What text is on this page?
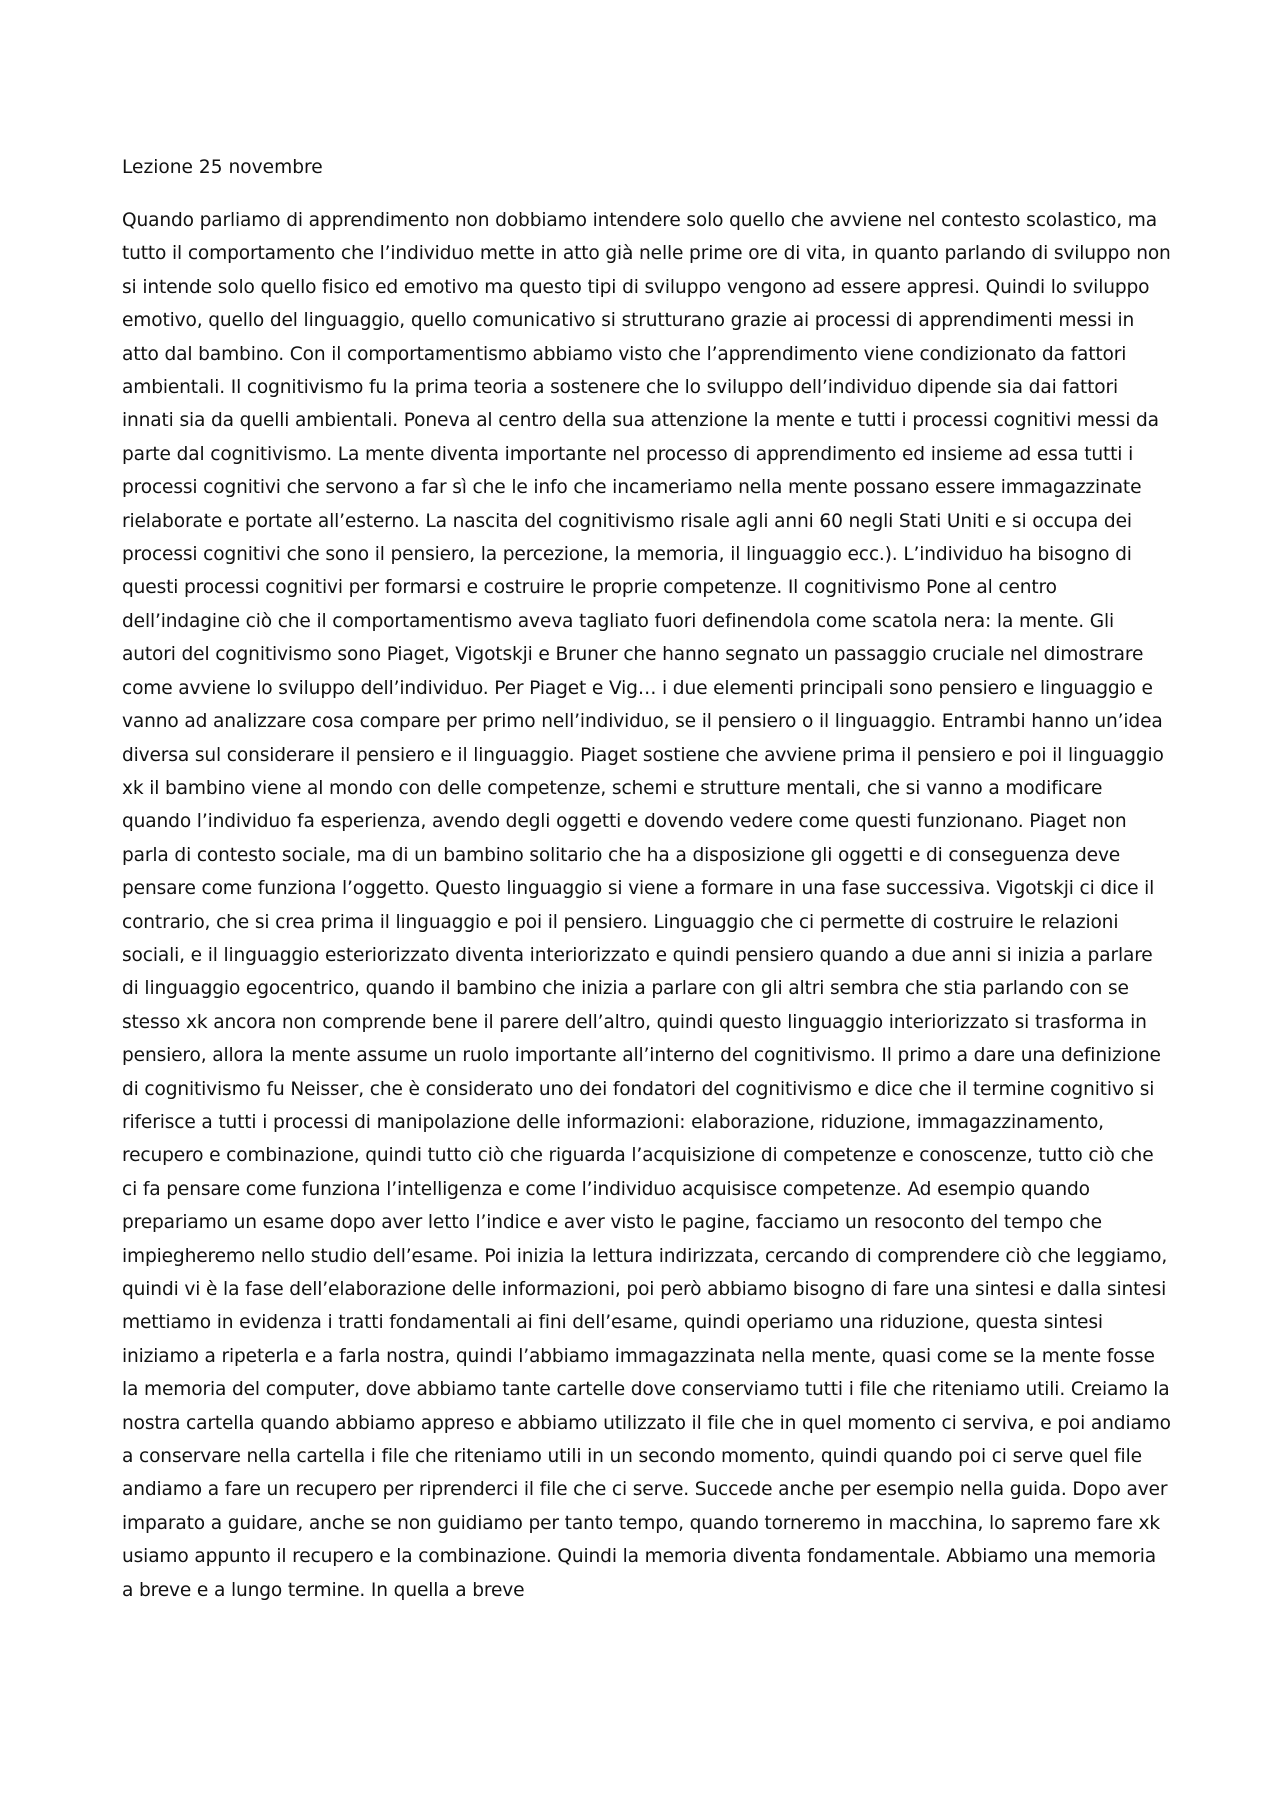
Lezione 25 novembre

Quando parliamo di apprendimento non dobbiamo intendere solo quello che avviene nel contesto scolastico, ma tutto il comportamento che l’individuo mette in atto già nelle prime ore di vita, in quanto parlando di sviluppo non si intende solo quello fisico ed emotivo ma questo tipi di sviluppo vengono ad essere appresi. Quindi lo sviluppo emotivo, quello del linguaggio, quello comunicativo si strutturano grazie ai processi di apprendimenti messi in atto dal bambino. Con il comportamentismo abbiamo visto che l’apprendimento viene condizionato da fattori ambientali. Il cognitivismo fu la prima teoria a sostenere che lo sviluppo dell’individuo dipende sia dai fattori innati sia da quelli ambientali. Poneva al centro della sua attenzione la mente e tutti i processi cognitivi messi da parte dal cognitivismo. La mente diventa importante nel processo di apprendimento ed insieme ad essa tutti i processi cognitivi che servono a far sì che le info che incameriamo nella mente possano essere immagazzinate rielaborate e portate all’esterno. La nascita del cognitivismo risale agli anni 60 negli Stati Uniti e si occupa dei processi cognitivi che sono il pensiero, la percezione, la memoria, il linguaggio ecc.). L’individuo ha bisogno di questi processi cognitivi per formarsi e costruire le proprie competenze. Il cognitivismo Pone al centro dell’indagine ciò che il comportamentismo aveva tagliato fuori definendola come scatola nera: la mente. Gli autori del cognitivismo sono Piaget, Vigotskji e Bruner che hanno segnato un passaggio cruciale nel dimostrare come avviene lo sviluppo dell’individuo. Per Piaget e Vig… i due elementi principali sono pensiero e linguaggio e vanno ad analizzare cosa compare per primo nell’individuo, se il pensiero o il linguaggio. Entrambi hanno un’idea diversa sul considerare il pensiero e il linguaggio. Piaget sostiene che avviene prima il pensiero e poi il linguaggio xk il bambino viene al mondo con delle competenze, schemi e strutture mentali, che si vanno a modificare quando l’individuo fa esperienza, avendo degli oggetti e dovendo vedere come questi funzionano. Piaget non parla di contesto sociale, ma di un bambino solitario che ha a disposizione gli oggetti e di conseguenza deve pensare come funziona l’oggetto. Questo linguaggio si viene a formare in una fase successiva. Vigotskji ci dice il contrario, che si crea prima il linguaggio e poi il pensiero. Linguaggio che ci permette di costruire le relazioni sociali, e il linguaggio esteriorizzato diventa interiorizzato e quindi pensiero quando a due anni si inizia a parlare di linguaggio egocentrico, quando il bambino che inizia a parlare con gli altri sembra che stia parlando con se stesso xk ancora non comprende bene il parere dell’altro, quindi questo linguaggio interiorizzato si trasforma in pensiero, allora la mente assume un ruolo importante all’interno del cognitivismo. Il primo a dare una definizione di cognitivismo fu Neisser, che è considerato uno dei fondatori del cognitivismo e dice che il termine cognitivo si riferisce a tutti i processi di manipolazione delle informazioni: elaborazione, riduzione, immagazzinamento, recupero e combinazione, quindi tutto ciò che riguarda l’acquisizione di competenze e conoscenze, tutto ciò che ci fa pensare come funziona l’intelligenza e come l’individuo acquisisce competenze. Ad esempio quando prepariamo un esame dopo aver letto l’indice e aver visto le pagine, facciamo un resoconto del tempo che impiegheremo nello studio dell’esame. Poi inizia la lettura indirizzata, cercando di comprendere ciò che leggiamo, quindi vi è la fase dell’elaborazione delle informazioni, poi però abbiamo bisogno di fare una sintesi e dalla sintesi mettiamo in evidenza i tratti fondamentali ai fini dell’esame, quindi operiamo una riduzione, questa sintesi iniziamo a ripeterla e a farla nostra, quindi l’abbiamo immagazzinata nella mente, quasi come se la mente fosse la memoria del computer, dove abbiamo tante cartelle dove conserviamo tutti i file che riteniamo utili. Creiamo la nostra cartella quando abbiamo appreso e abbiamo utilizzato il file che in quel momento ci serviva, e poi andiamo a conservare nella cartella i file che riteniamo utili in un secondo momento, quindi quando poi ci serve quel file andiamo a fare un recupero per riprenderci il file che ci serve. Succede anche per esempio nella guida. Dopo aver imparato a guidare, anche se non guidiamo per tanto tempo, quando torneremo in macchina, lo sapremo fare xk usiamo appunto il recupero e la combinazione. Quindi la memoria diventa fondamentale. Abbiamo una memoria a breve e a lungo termine. In quella a breve
